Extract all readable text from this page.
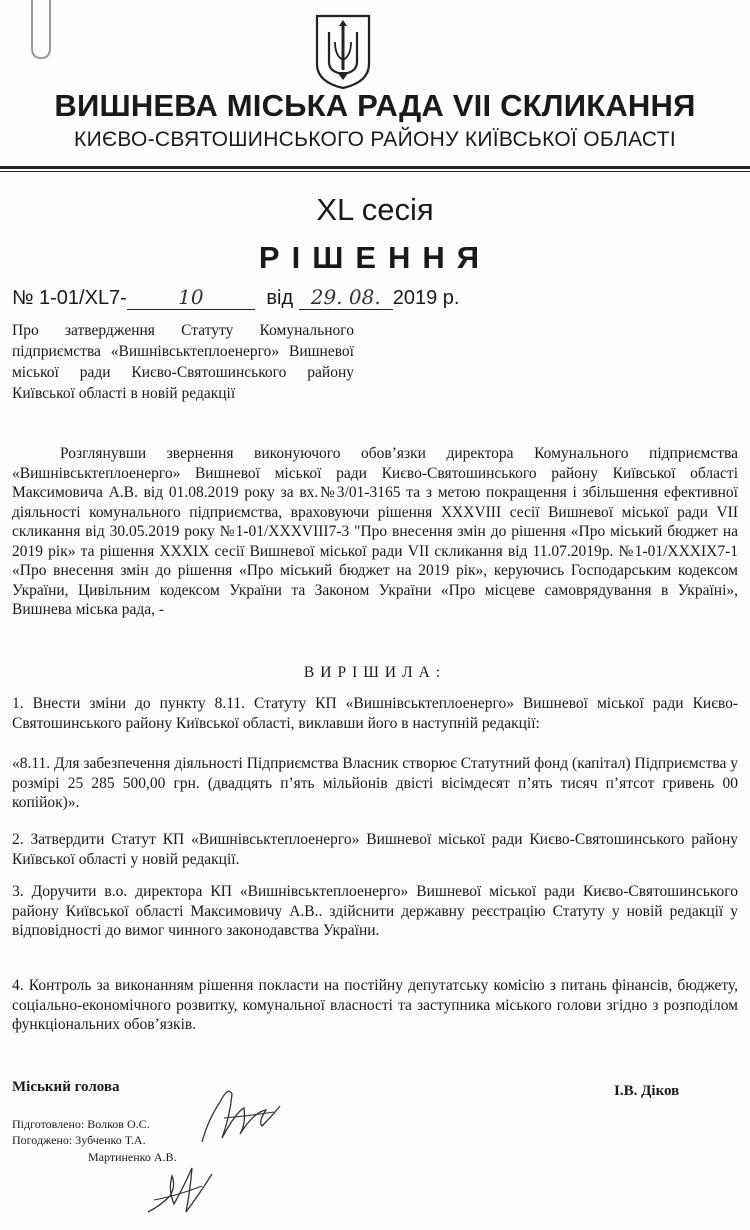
ВИШНЕВА МІСЬКА РАДА VII СКЛИКАННЯ
КИЄВО-СВЯТОШИНСЬКОГО РАЙОНУ КИЇВСЬКОЇ ОБЛАСТІ
XL сесія
РІШЕННЯ
№ 1-01/XL7-	10	від 29. 08. 2019 р.
Про затвердження Статуту Комунального підприємства «Вишнівськтеплоенерго» Вишневої міської ради Києво-Святошинського району Київської області в новій редакції
Розглянувши звернення виконуючого обов’язки директора Комунального підприємства «Вишнівськтеплоенерго» Вишневої міської ради Києво-Святошинського району Київської області Максимовича А.В. від 01.08.2019 року за вх.№3/01-3165 та з метою покращення і збільшення ефективної діяльності комунального підприємства, враховуючи рішення XXXVIII сесії Вишневої міської ради VII скликання від 30.05.2019 року №1-01/XXXVIII7-3 "Про внесення змін до рішення «Про міський бюджет на 2019 рік» та рішення XXXIX сесії Вишневої міської ради VII скликання від 11.07.2019р. №1-01/XXXIX7-1 «Про внесення змін до рішення «Про міський бюджет на 2019 рік», керуючись Господарським кодексом України, Цивільним кодексом України та Законом України «Про місцеве самоврядування в Україні», Вишнева міська рада, -
ВИРІШИЛА:
1. Внести зміни до пункту 8.11. Статуту КП «Вишнівськтеплоенерго» Вишневої міської ради Києво-Святошинського району Київської області, виклавши його в наступній редакції:
«8.11. Для забезпечення діяльності Підприємства Власник створює Статутний фонд (капітал) Підприємства у розмірі 25 285 500,00 грн. (двадцять п’ять мільйонів двісті вісімдесят п’ять тисяч п’ятсот гривень 00 копійок)».
2. Затвердити Статут КП «Вишнівськтеплоенерго» Вишневої міської ради Києво-Святошинського району Київської області у новій редакції.
3. Доручити в.о. директора КП «Вишнівськтеплоенерго» Вишневої міської ради Києво-Святошинського району Київської області Максимовичу А.В.. здійснити державну реєстрацію Статуту у новій редакції у відповідності до вимог чинного законодавства України.
4. Контроль за виконанням рішення покласти на постійну депутатську комісію з питань фінансів, бюджету, соціально-економічного розвитку, комунальної власності та заступника міського голови згідно з розподілом функціональних обов’язків.
Міський голова	І.В. Діков
Підготовлено: Волков О.С.
Погоджено: Зубченко Т.А.
Мартиненко А.В.
